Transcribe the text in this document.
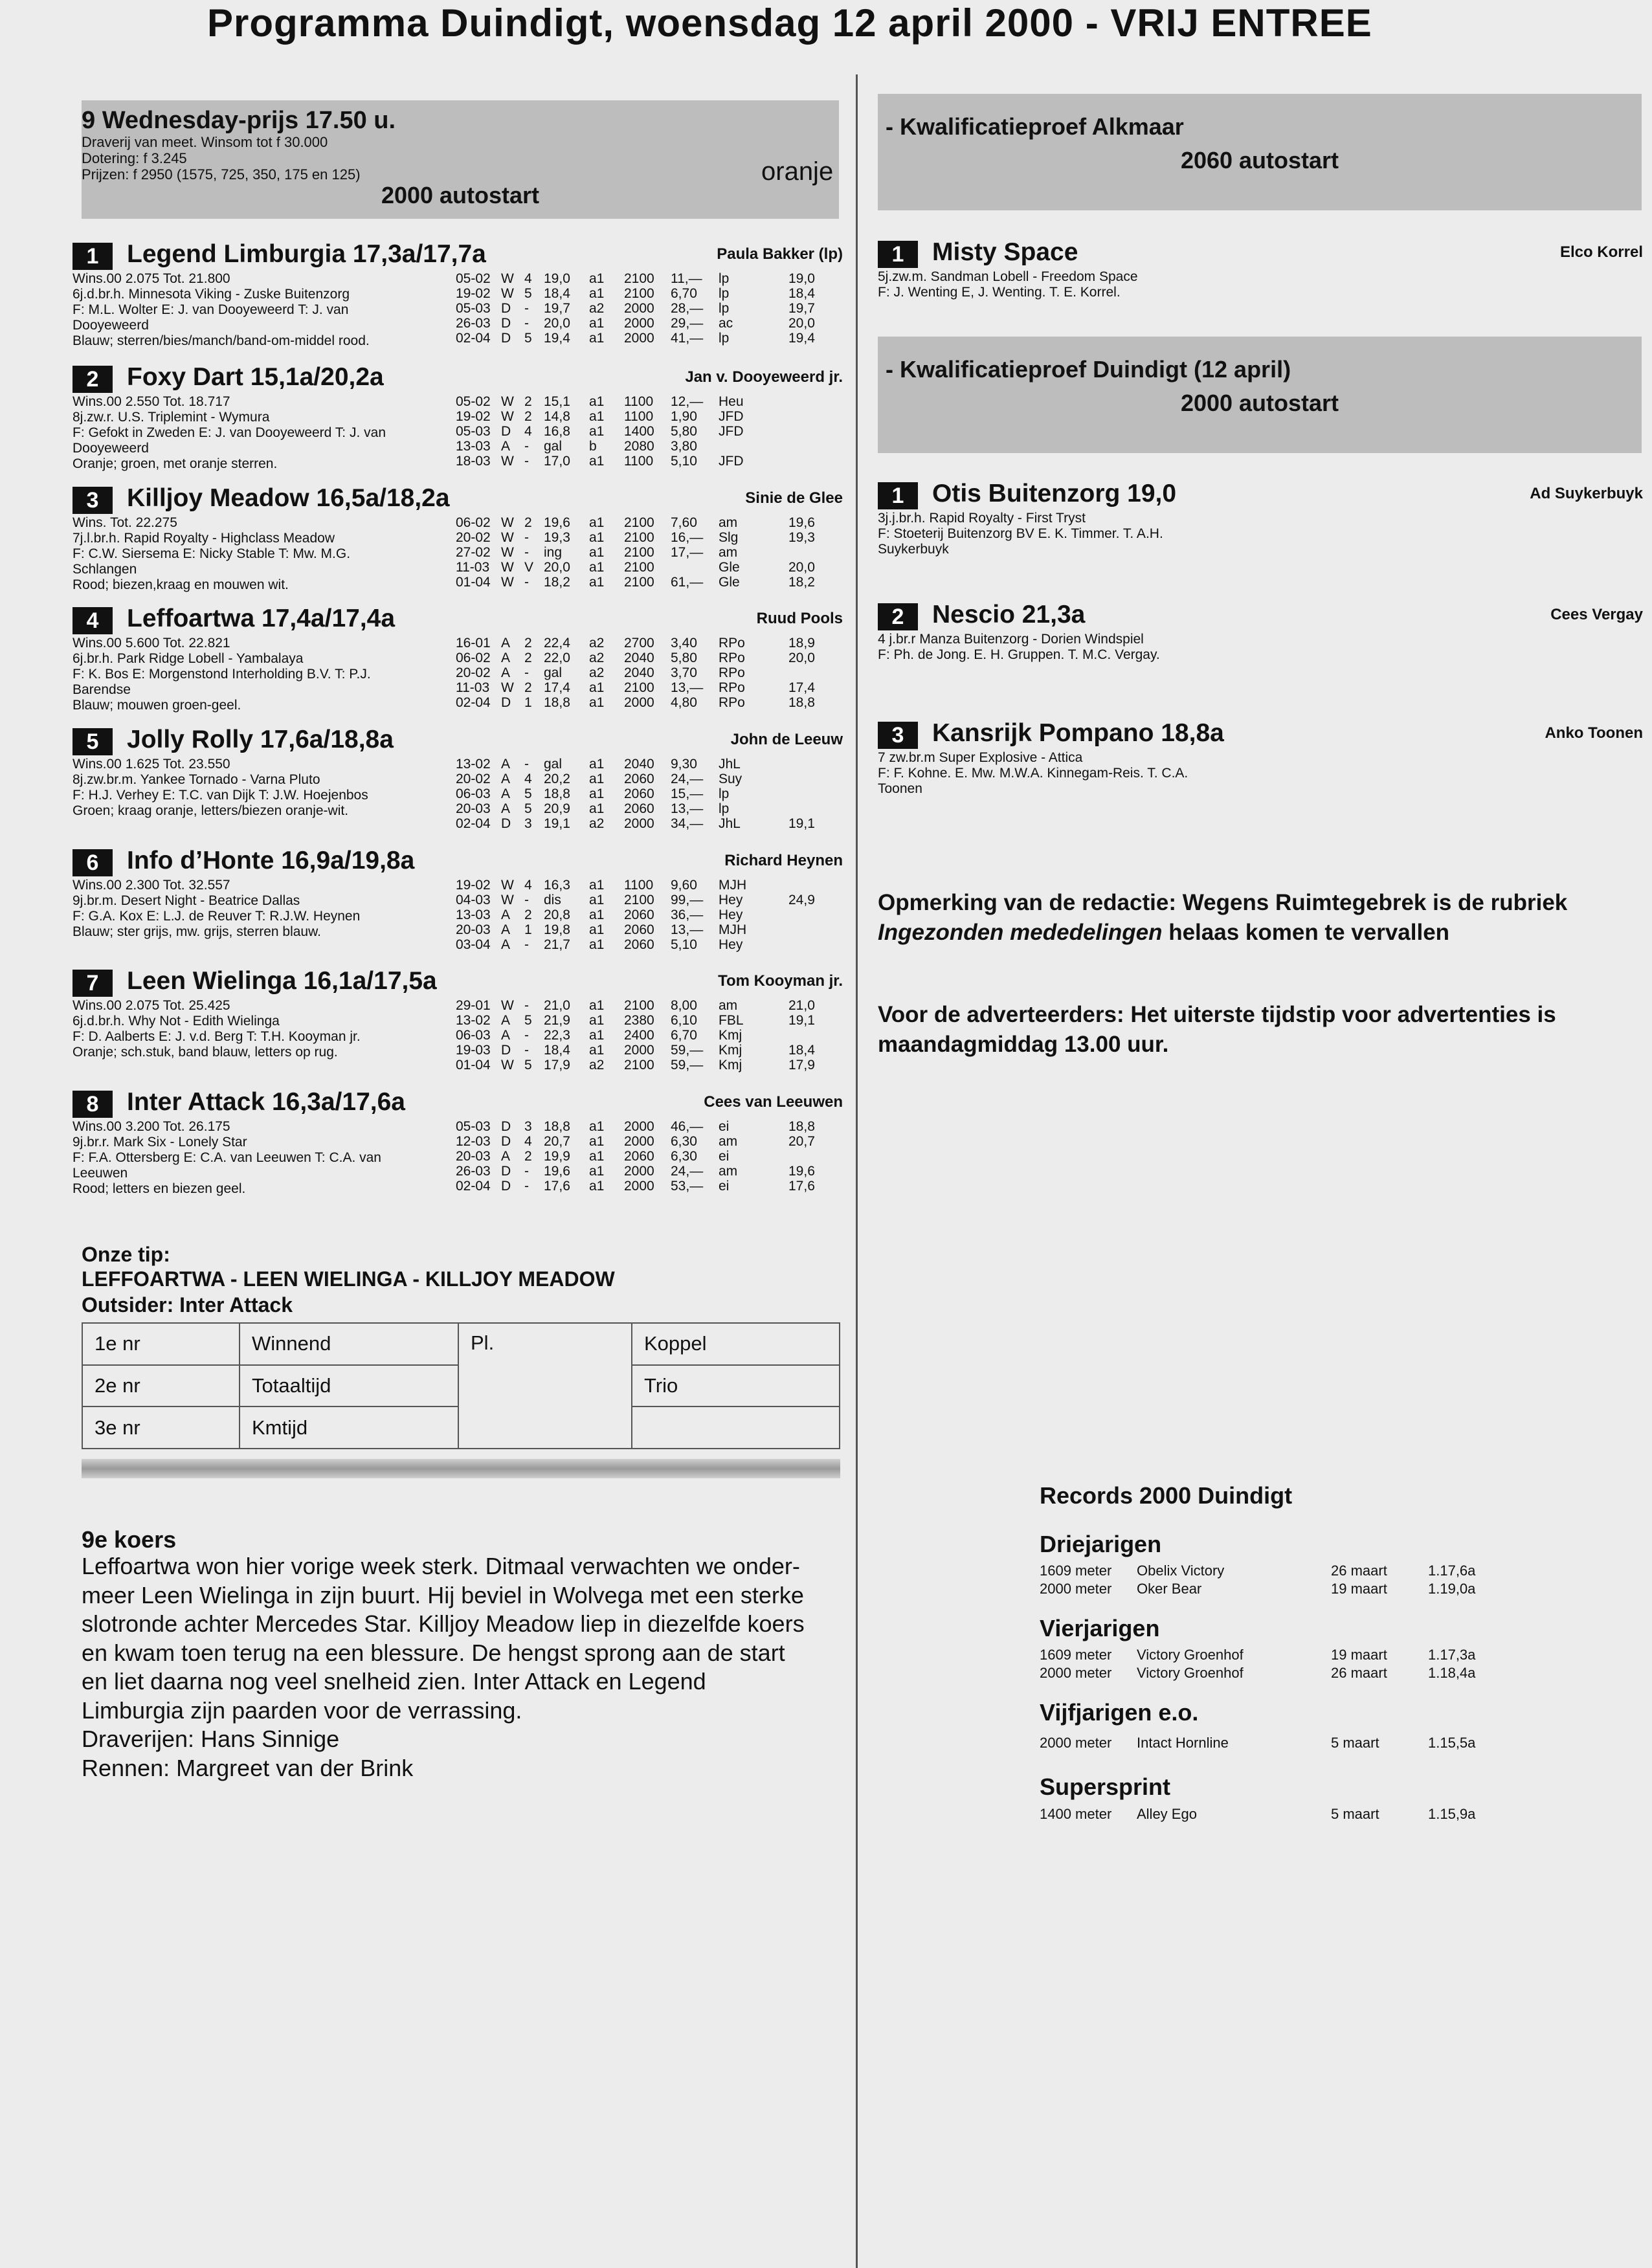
Programma Duindigt, woensdag 12 april 2000 - VRIJ ENTREE
9 Wednesday-prijs 17.50 u.
Draverij van meet. Winsom tot f 30.000
Dotering: f 3.245
Prijzen: f 2950 (1575, 725, 350, 175 en 125)	oranje
2000 autostart
1	Legend Limburgia 17,3a/17,7a	Paula Bakker (lp)
Wins.00 2.075 Tot. 21.800
6j.d.br.h. Minnesota Viking - Zuske Buitenzorg
F: M.L. Wolter E: J. van Dooyeweerd T: J. van
Dooyeweerd
Blauw; sterren/bies/manch/band-om-middel rood.
05-02 W 4 19,0 a1 2100 11,— lp	19,0
19-02 W 5 18,4 a1 2100 6,70 lp	18,4
05-03 D - 19,7 a2 2000 28,— lp	19,7
26-03 D - 20,0 a1 2000 29,— ac	20,0
02-04 D 5 19,4 a1 2000 41,— lp	19,4
2	Foxy Dart 15,1a/20,2a	Jan v. Dooyeweerd jr.
Wins.00 2.550 Tot. 18.717
8j.zw.r. U.S. Triplemint - Wymura
F: Gefokt in Zweden E: J. van Dooyeweerd T: J. van
Dooyeweerd
Oranje; groen, met oranje sterren.
05-02 W 2 15,1 a1 1100 12,— Heu
19-02 W 2 14,8 a1 1100 1,90 JFD
05-03 D 4 16,8 a1 1400 5,80 JFD
13-03 A - gal b 2080 3,80
18-03 W - 17,0 a1 1100 5,10 JFD
3	Killjoy Meadow 16,5a/18,2a	Sinie de Glee
Wins. Tot. 22.275
7j.l.br.h. Rapid Royalty - Highclass Meadow
F: C.W. Siersema E: Nicky Stable T: Mw. M.G.
Schlangen
Rood; biezen,kraag en mouwen wit.
06-02 W 2 19,6 a1 2100 7,60 am	19,6
20-02 W - 19,3 a1 2100 16,— Slg	19,3
27-02 W - ing a1 2100 17,— am
11-03 W V 20,0 a1 2100	Gle	20,0
01-04 W - 18,2 a1 2100 61,— Gle	18,2
4	Leffoartwa 17,4a/17,4a	Ruud Pools
Wins.00 5.600 Tot. 22.821
6j.br.h. Park Ridge Lobell - Yambalaya
F: K. Bos E: Morgenstond Interholding B.V. T: P.J.
Barendse
Blauw; mouwen groen-geel.
16-01 A 2 22,4 a2 2700 3,40 RPo	18,9
06-02 A 2 22,0 a2 2040 5,80 RPo	20,0
20-02 A - gal a2 2040 3,70 RPo
11-03 W 2 17,4 a1 2100 13,— RPo	17,4
02-04 D 1 18,8 a1 2000 4,80 RPo	18,8
5	Jolly Rolly 17,6a/18,8a	John de Leeuw
Wins.00 1.625 Tot. 23.550
8j.zw.br.m. Yankee Tornado - Varna Pluto
F: H.J. Verhey E: T.C. van Dijk T: J.W. Hoejenbos
Groen; kraag oranje, letters/biezen oranje-wit.
13-02 A - gal a1 2040 9,30 JhL
20-02 A 4 20,2 a1 2060 24,— Suy
06-03 A 5 18,8 a1 2060 15,— lp
20-03 A 5 20,9 a1 2060 13,— lp
02-04 D 3 19,1 a2 2000 34,— JhL	19,1
6	Info d’Honte 16,9a/19,8a	Richard Heynen
Wins.00 2.300 Tot. 32.557
9j.br.m. Desert Night - Beatrice Dallas
F: G.A. Kox E: L.J. de Reuver T: R.J.W. Heynen
Blauw; ster grijs, mw. grijs, sterren blauw.
19-02 W 4 16,3 a1 1100 9,60 MJH
04-03 W - dis a1 2100 99,— Hey	24,9
13-03 A 2 20,8 a1 2060 36,— Hey
20-03 A 1 19,8 a1 2060 13,— MJH
03-04 A - 21,7 a1 2060 5,10 Hey
7	Leen Wielinga 16,1a/17,5a	Tom Kooyman jr.
Wins.00 2.075 Tot. 25.425
6j.d.br.h. Why Not - Edith Wielinga
F: D. Aalberts E: J. v.d. Berg T: T.H. Kooyman jr.
Oranje; sch.stuk, band blauw, letters op rug.
29-01 W - 21,0 a1 2100 8,00 am	21,0
13-02 A 5 21,9 a1 2380 6,10 FBL	19,1
06-03 A - 22,3 a1 2400 6,70 Kmj
19-03 D - 18,4 a1 2000 59,— Kmj	18,4
01-04 W 5 17,9 a2 2100 59,— Kmj	17,9
8	Inter Attack 16,3a/17,6a	Cees van Leeuwen
Wins.00 3.200 Tot. 26.175
9j.br.r. Mark Six - Lonely Star
F: F.A. Ottersberg E: C.A. van Leeuwen T: C.A. van
Leeuwen
Rood; letters en biezen geel.
05-03 D 3 18,8 a1 2000 46,— ei	18,8
12-03 D 4 20,7 a1 2000 6,30 am	20,7
20-03 A 2 19,9 a1 2060 6,30 ei
26-03 D - 19,6 a1 2000 24,— am	19,6
02-04 D - 17,6 a1 2000 53,— ei	17,6
Onze tip:
LEFFOARTWA - LEEN WIELINGA - KILLJOY MEADOW
Outsider: Inter Attack
1e nr	Winnend	Pl.	Koppel
2e nr	Totaaltijd		Trio
3e nr	Kmtijd		
9e koers
Leffoartwa won hier vorige week sterk. Ditmaal verwachten we onder-
meer Leen Wielinga in zijn buurt. Hij beviel in Wolvega met een sterke
slotronde achter Mercedes Star. Killjoy Meadow liep in diezelfde koers
en kwam toen terug na een blessure. De hengst sprong aan de start
en liet daarna nog veel snelheid zien. Inter Attack en Legend
Limburgia zijn paarden voor de verrassing.
Draverijen: Hans Sinnige
Rennen: Margreet van der Brink
- Kwalificatieproef Alkmaar
2060 autostart
1	Misty Space	Elco Korrel
5j.zw.m. Sandman Lobell - Freedom Space
F: J. Wenting E, J. Wenting. T. E. Korrel.
- Kwalificatieproef Duindigt (12 april)
2000 autostart
1	Otis Buitenzorg 19,0	Ad Suykerbuyk
3j.j.br.h. Rapid Royalty - First Tryst
F: Stoeterij Buitenzorg BV E. K. Timmer. T. A.H.
Suykerbuyk
2	Nescio 21,3a	Cees Vergay
4 j.br.r Manza Buitenzorg - Dorien Windspiel
F: Ph. de Jong. E. H. Gruppen. T. M.C. Vergay.
3	Kansrijk Pompano 18,8a	Anko Toonen
7 zw.br.m Super Explosive - Attica
F: F. Kohne. E. Mw. M.W.A. Kinnegam-Reis. T. C.A.
Toonen
Opmerking van de redactie: Wegens Ruimtegebrek is de rubriek
Ingezonden mededelingen helaas komen te vervallen
Voor de adverteerders: Het uiterste tijdstip voor advertenties is
maandagmiddag 13.00 uur.
Records 2000 Duindigt
Driejarigen
1609 meter Obelix Victory	26 maart	1.17,6a
2000 meter Oker Bear	19 maart	1.19,0a
Vierjarigen
1609 meter Victory Groenhof	19 maart	1.17,3a
2000 meter Victory Groenhof	26 maart	1.18,4a
Vijfjarigen e.o.
2000 meter Intact Hornline	5 maart	1.15,5a
Supersprint
1400 meter Alley Ego	5 maart	1.15,9a
